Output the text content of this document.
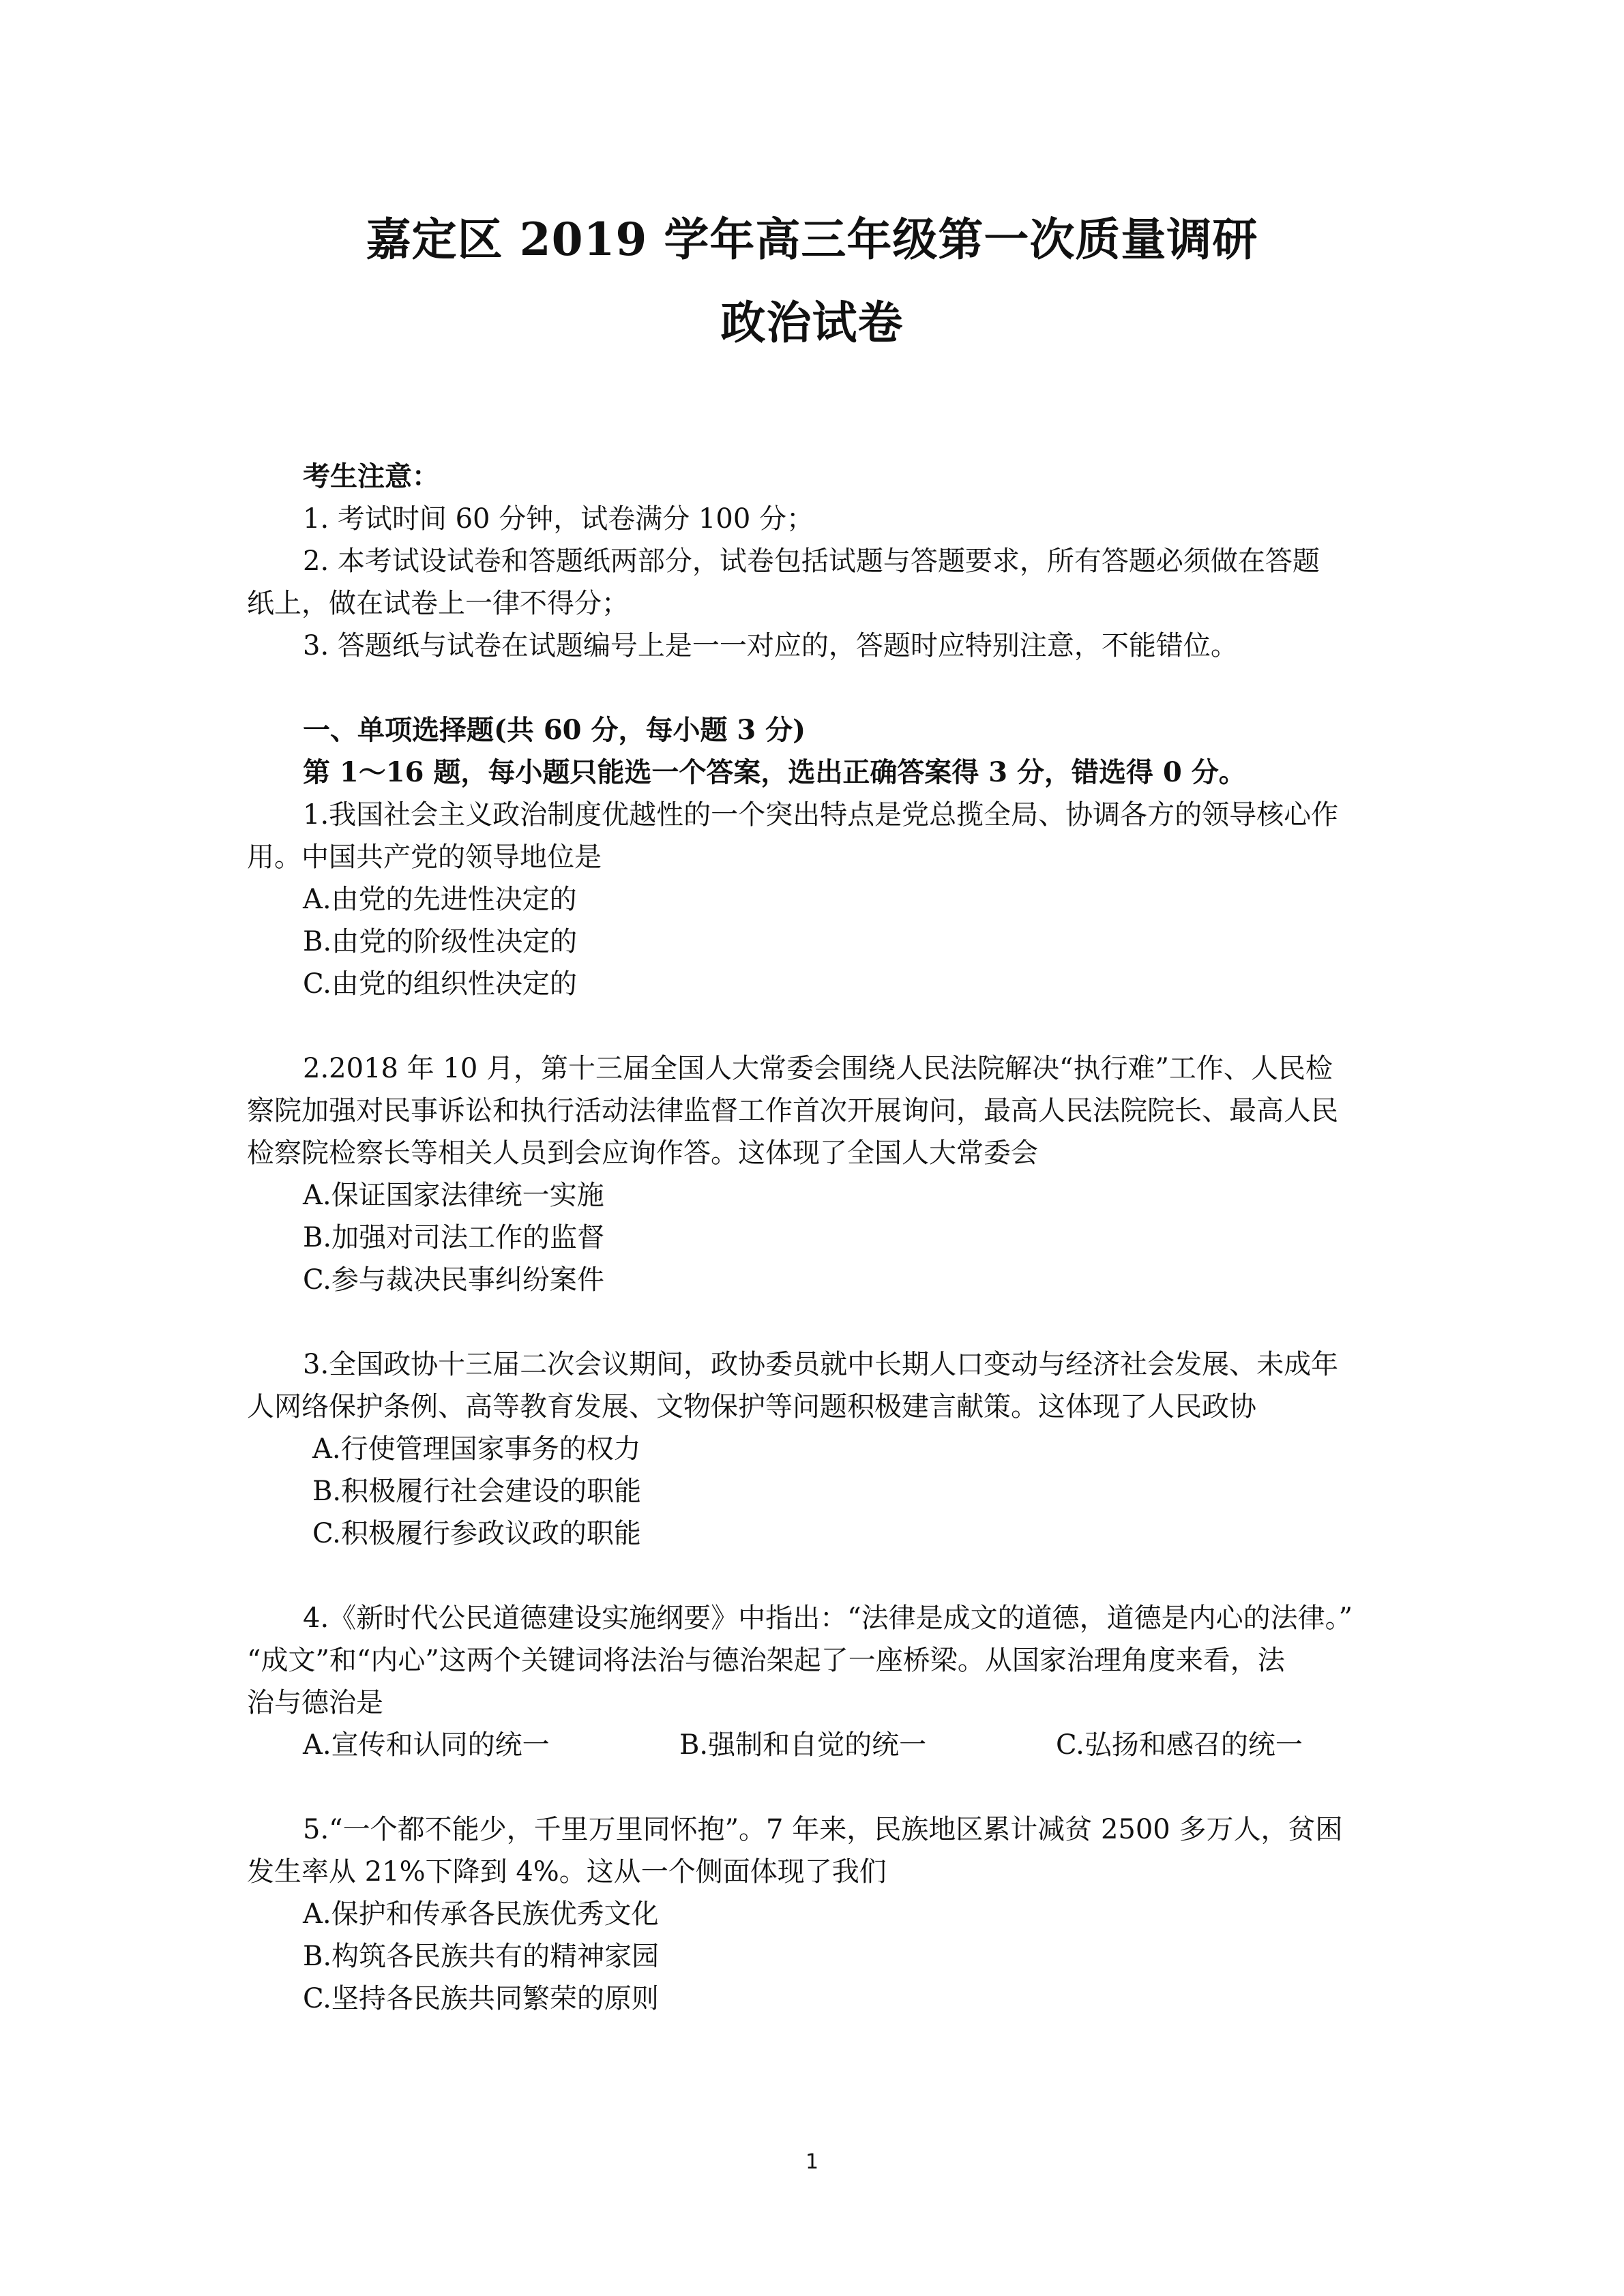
嘉定区 2019 学年高三年级第一次质量调研
政治试卷
考生注意：
1. 考试时间 60 分钟，试卷满分 100 分；
2. 本考试设试卷和答题纸两部分，试卷包括试题与答题要求，所有答题必须做在答题
纸上，做在试卷上一律不得分；
3. 答题纸与试卷在试题编号上是一一对应的，答题时应特别注意，不能错位。
一、单项选择题(共 60 分，每小题 3 分)
第 1～16 题，每小题只能选一个答案，选出正确答案得 3 分，错选得 0 分。
1.我国社会主义政治制度优越性的一个突出特点是党总揽全局、协调各方的领导核心作
用。中国共产党的领导地位是
A.由党的先进性决定的
B.由党的阶级性决定的
C.由党的组织性决定的
2.2018 年 10 月，第十三届全国人大常委会围绕人民法院解决“执行难”工作、人民检
察院加强对民事诉讼和执行活动法律监督工作首次开展询问，最高人民法院院长、最高人民
检察院检察长等相关人员到会应询作答。这体现了全国人大常委会
A.保证国家法律统一实施
B.加强对司法工作的监督
C.参与裁决民事纠纷案件
3.全国政协十三届二次会议期间，政协委员就中长期人口变动与经济社会发展、未成年
人网络保护条例、高等教育发展、文物保护等问题积极建言献策。这体现了人民政协
A.行使管理国家事务的权力
B.积极履行社会建设的职能
C.积极履行参政议政的职能
4.《新时代公民道德建设实施纲要》中指出：“法律是成文的道德，道德是内心的法律。”
“成文”和“内心”这两个关键词将法治与德治架起了一座桥梁。从国家治理角度来看，法
治与德治是
A.宣传和认同的统一	B.强制和自觉的统一	C.弘扬和感召的统一
5.“一个都不能少，千里万里同怀抱”。7 年来，民族地区累计减贫 2500 多万人，贫困
发生率从 21%下降到 4%。这从一个侧面体现了我们
A.保护和传承各民族优秀文化
B.构筑各民族共有的精神家园
C.坚持各民族共同繁荣的原则
1
